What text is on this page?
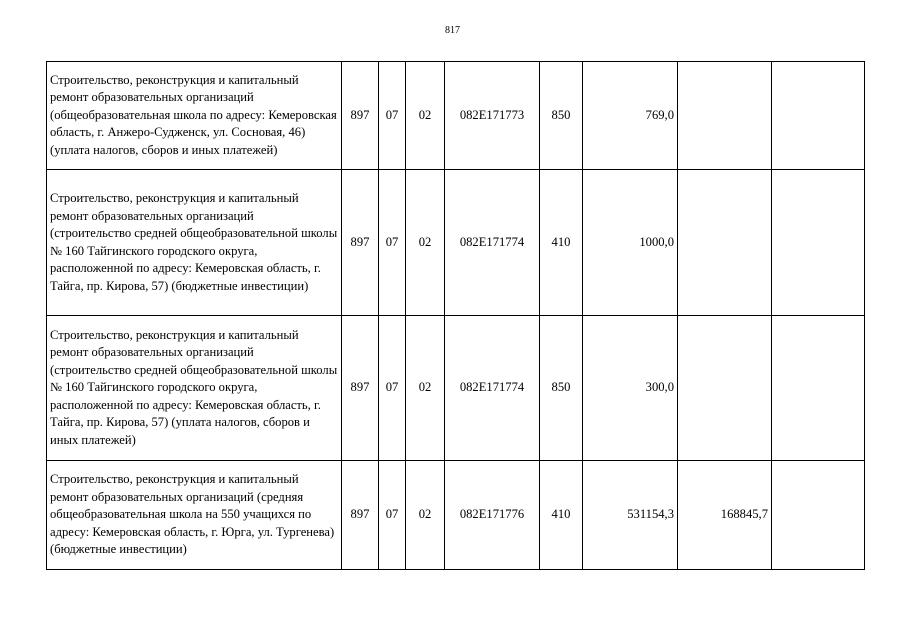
817
Строительство, реконструкция и капитальный ремонт образовательных организаций (общеобразовательная школа по адресу: Кемеровская область, г. Анжеро-Судженск, ул. Сосновая, 46) (уплата налогов, сборов и иных платежей)	897	07	02	082E171773	850	769,0		
Строительство, реконструкция и капитальный ремонт образовательных организаций (строительство средней общеобразовательной школы № 160 Тайгинского городского округа, расположенной по адресу: Кемеровская область, г. Тайга, пр. Кирова, 57) (бюджетные инвестиции)	897	07	02	082E171774	410	1000,0		
Строительство, реконструкция и капитальный ремонт образовательных организаций (строительство средней общеобразовательной школы № 160 Тайгинского городского округа, расположенной по адресу: Кемеровская область, г. Тайга, пр. Кирова, 57) (уплата налогов, сборов и иных платежей)	897	07	02	082E171774	850	300,0		
Строительство, реконструкция и капитальный ремонт образовательных организаций (средняя общеобразовательная школа на 550 учащихся по адресу: Кемеровская область, г. Юрга, ул. Тургенева) (бюджетные инвестиции)	897	07	02	082E171776	410	531154,3	168845,7	
